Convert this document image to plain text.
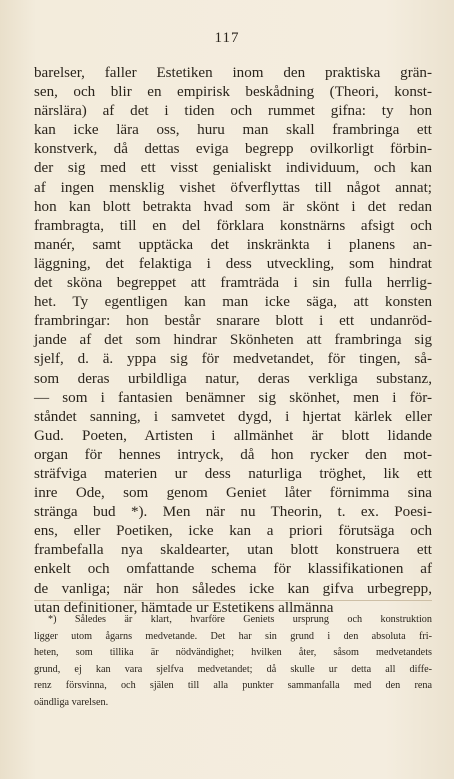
117
barelser, faller Estetiken inom den praktiska grän-
sen, och blir en empirisk beskådning (Theori, konst-
närslära) af det i tiden och rummet gifna: ty hon
kan icke lära oss, huru man skall frambringa ett
konstverk, då dettas eviga begrepp ovilkorligt förbin-
der sig med ett visst genialiskt individuum, och kan
af ingen mensklig vishet öfverflyttas till något annat;
hon kan blott betrakta hvad som är skönt i det redan
frambragta, till en del förklara konstnärns afsigt och
manér, samt upptäcka det inskränkta i planens an-
läggning, det felaktiga i dess utveckling, som hindrat
det sköna begreppet att framträda i sin fulla herrlig-
het. Ty egentligen kan man icke säga, att konsten
frambringar: hon består snarare blott i ett undanröd-
jande af det som hindrar Skönheten att frambringa sig
sjelf, d. ä. yppa sig för medvetandet, för tingen, så-
som deras urbildliga natur, deras verkliga substanz,
— som i fantasien benämner sig skönhet, men i för-
ståndet sanning, i samvetet dygd, i hjertat kärlek eller
Gud. Poeten, Artisten i allmänhet är blott lidande
organ för hennes intryck, då hon rycker den mot-
sträfviga materien ur dess naturliga tröghet, lik ett
inre Ode, som genom Geniet låter förnimma sina
stränga bud *). Men när nu Theorin, t. ex. Poesi-
ens, eller Poetiken, icke kan a priori förutsäga och
frambefalla nya skaldearter, utan blott konstruera ett
enkelt och omfattande schema för klassifikationen af
de vanliga; när hon således icke kan gifva urbegrepp,
utan definitioner, hämtade ur Estetikens allmänna
*) Således är klart, hvarföre Geniets ursprung och konstruktion
ligger utom ågarns medvetande. Det har sin grund i den absoluta fri-
heten, som tillika är nödvändighet; hvilken åter, såsom medvetandets
grund, ej kan vara sjelfva medvetandet; då skulle ur detta all diffe-
renz försvinna, och själen till alla punkter sammanfalla med den rena
oändliga varelsen.
